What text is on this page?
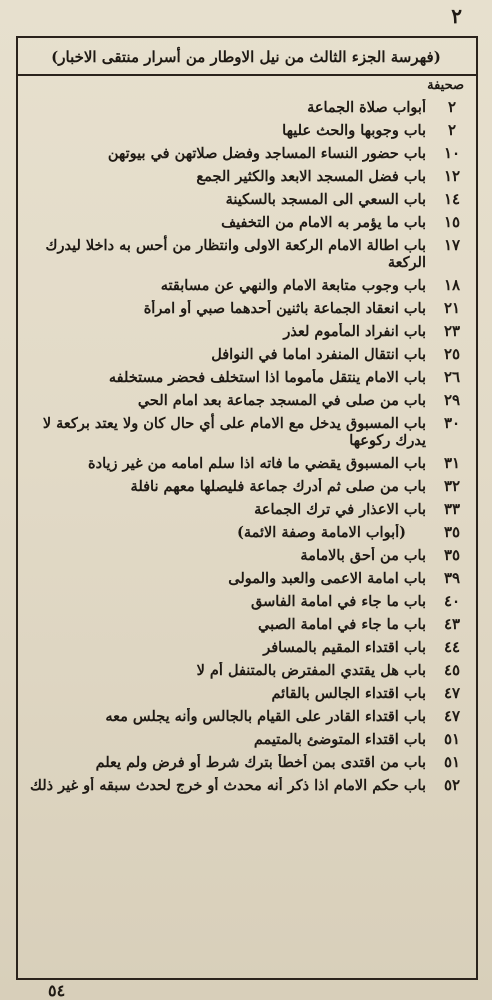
٢
(فهرسة الجزء الثالث من نيل الاوطار من أسرار منتقى الاخبار)
صحيفة
٢
أبواب صلاة الجماعة
٢
باب وجوبها والحث عليها
١٠
باب حضور النساء المساجد وفضل صلاتهن في بيوتهن
١٢
باب فضل المسجد الابعد والكثير الجمع
١٤
باب السعي الى المسجد بالسكينة
١٥
باب ما يؤمر به الامام من التخفيف
١٧
باب اطالة الامام الركعة الاولى وانتظار من أحس به داخلا ليدرك الركعة
١٨
باب وجوب متابعة الامام والنهي عن مسابقته
٢١
باب انعقاد الجماعة باثنين أحدهما صبي أو امرأة
٢٣
باب انفراد المأموم لعذر
٢٥
باب انتقال المنفرد اماما في النوافل
٢٦
باب الامام ينتقل مأموما اذا استخلف فحضر مستخلفه
٢٩
باب من صلى في المسجد جماعة بعد امام الحي
٣٠
باب المسبوق يدخل مع الامام على أي حال كان ولا يعتد بركعة لا يدرك ركوعها
٣١
باب المسبوق يقضي ما فاته اذا سلم امامه من غير زيادة
٣٢
باب من صلى ثم أدرك جماعة فليصلها معهم نافلة
٣٣
باب الاعذار في ترك الجماعة
٣٥
(أبواب الامامة وصفة الائمة)
٣٥
باب من أحق بالامامة
٣٩
باب امامة الاعمى والعبد والمولى
٤٠
باب ما جاء في امامة الفاسق
٤٣
باب ما جاء في امامة الصبي
٤٤
باب اقتداء المقيم بالمسافر
٤٥
باب هل يقتدي المفترض بالمتنفل أم لا
٤٧
باب اقتداء الجالس بالقائم
٤٧
باب اقتداء القادر على القيام بالجالس وأنه يجلس معه
٥١
باب اقتداء المتوضئ بالمتيمم
٥١
باب من اقتدى بمن أخطأ بترك شرط أو فرض ولم يعلم
٥٢
باب حكم الامام اذا ذكر أنه محدث أو خرج لحدث سبقه أو غير ذلك
٥٤
